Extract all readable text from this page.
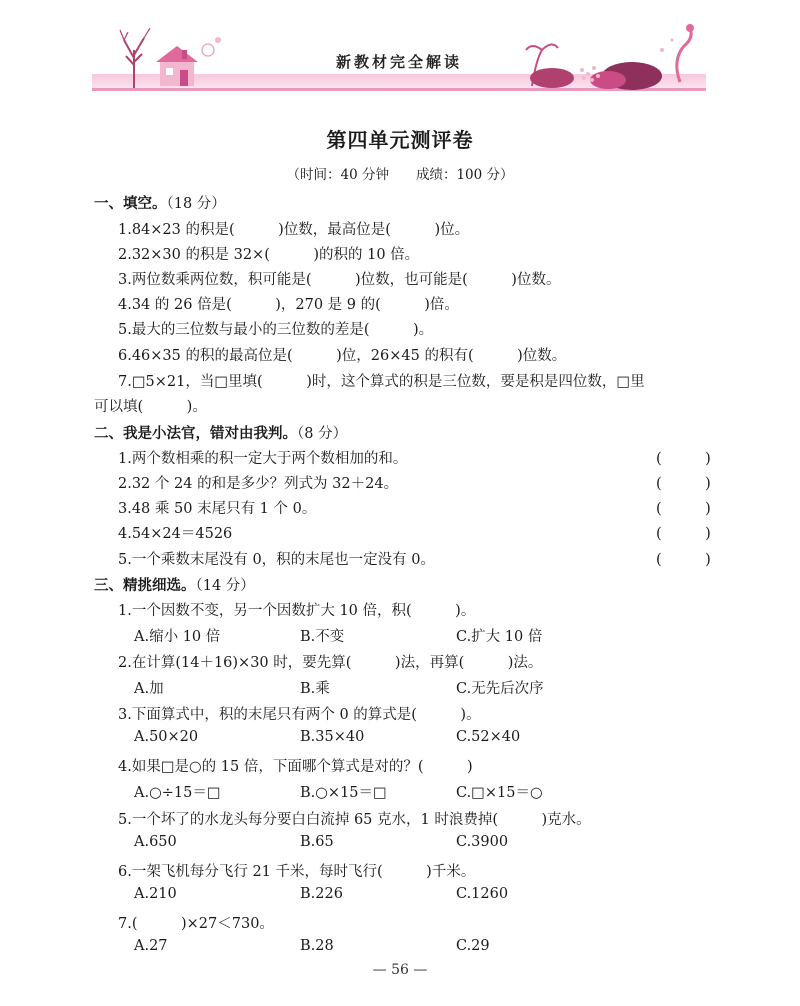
新教材完全解读
第四单元测评卷
（时间：40 分钟　　成绩：100 分）
一、填空。（18 分）
1.84×23 的积是(　　　)位数，最高位是(　　　)位。
2.32×30 的积是 32×(　　　)的积的 10 倍。
3.两位数乘两位数，积可能是(　　　)位数，也可能是(　　　)位数。
4.34 的 26 倍是(　　　)，270 是 9 的(　　　)倍。
5.最大的三位数与最小的三位数的差是(　　　)。
6.46×35 的积的最高位是(　　　)位，26×45 的积有(　　　)位数。
7.□5×21，当□里填(　　　)时，这个算式的积是三位数，要是积是四位数，□里
可以填(　　　)。
二、我是小法官，错对由我判。（8 分）
1.两个数相乘的积一定大于两个数相加的和。	(　　　)
2.32 个 24 的和是多少？列式为 32＋24。	(　　　)
3.48 乘 50 末尾只有 1 个 0。	(　　　)
4.54×24＝4526	(　　　)
5.一个乘数末尾没有 0，积的末尾也一定没有 0。	(　　　)
三、精挑细选。（14 分）
1.一个因数不变，另一个因数扩大 10 倍，积(　　　)。
A.缩小 10 倍	B.不变	C.扩大 10 倍
2.在计算(14＋16)×30 时，要先算(　　　)法，再算(　　　)法。
A.加	B.乘	C.无先后次序
3.下面算式中，积的末尾只有两个 0 的算式是(　　　)。
A.50×20	B.35×40	C.52×40
4.如果□是○的 15 倍，下面哪个算式是对的？(　　　)
A.○÷15＝□	B.○×15＝□	C.□×15＝○
5.一个坏了的水龙头每分要白白流掉 65 克水，1 时浪费掉(　　　)克水。
A.650	B.65	C.3900
6.一架飞机每分飞行 21 千米，每时飞行(　　　)千米。
A.210	B.226	C.1260
7.(　　　)×27＜730。
A.27	B.28	C.29
— 56 —
